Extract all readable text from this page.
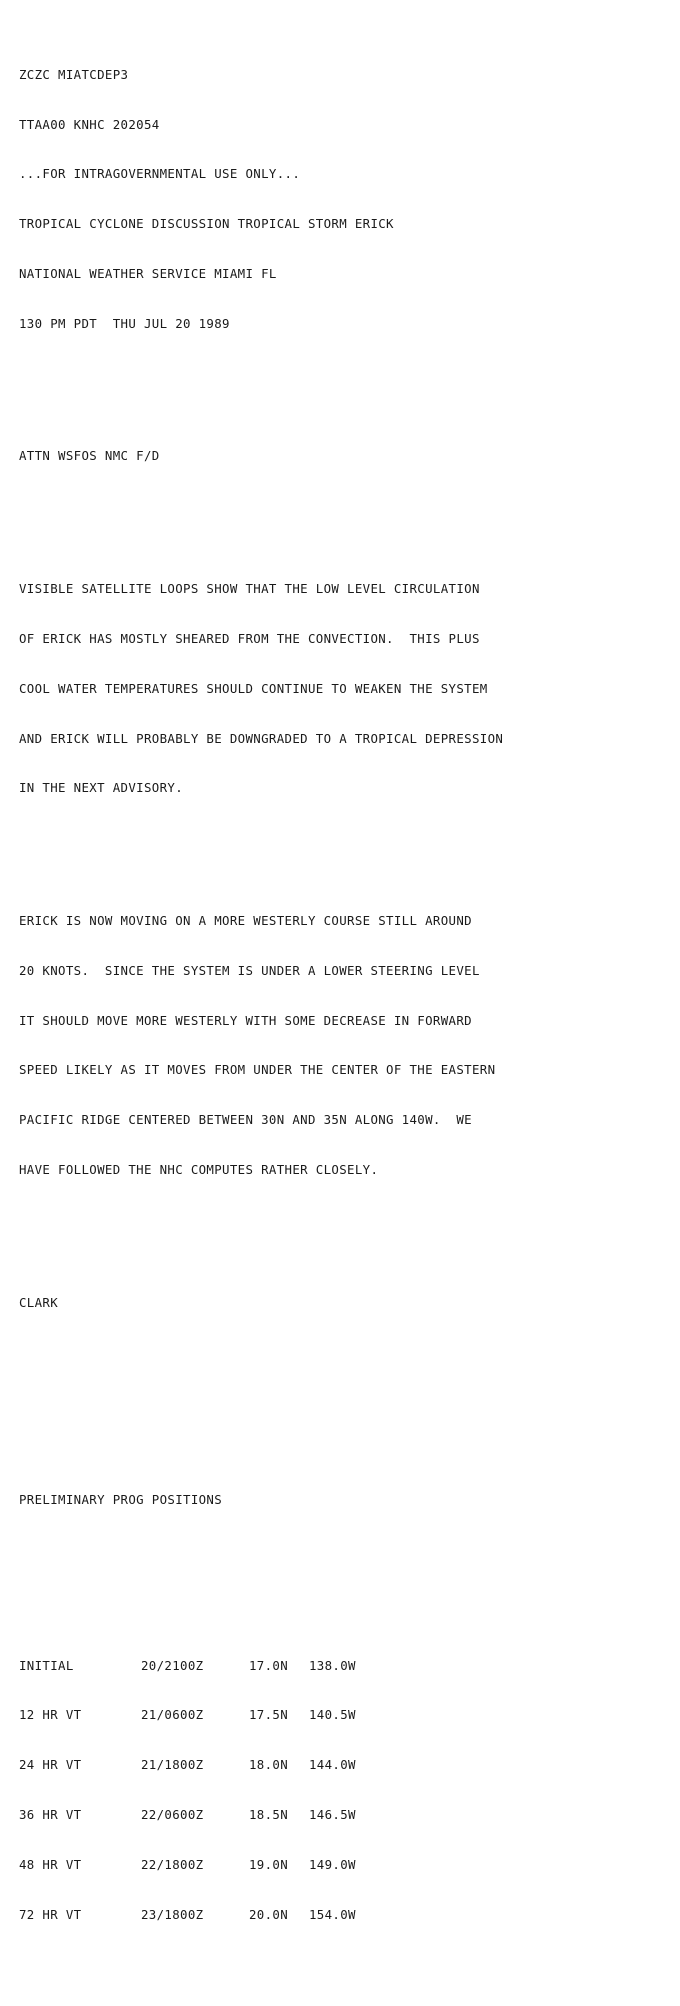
ZCZC MIATCDEP3

TTAA00 KNHC 202054

...FOR INTRAGOVERNMENTAL USE ONLY...

TROPICAL CYCLONE DISCUSSION TROPICAL STORM ERICK

NATIONAL WEATHER SERVICE MIAMI FL

130 PM PDT  THU JUL 20 1989

ATTN WSFOS NMC F/D

VISIBLE SATELLITE LOOPS SHOW THAT THE LOW LEVEL CIRCULATION

OF ERICK HAS MOSTLY SHEARED FROM THE CONVECTION.  THIS PLUS

COOL WATER TEMPERATURES SHOULD CONTINUE TO WEAKEN THE SYSTEM

AND ERICK WILL PROBABLY BE DOWNGRADED TO A TROPICAL DEPRESSION

IN THE NEXT ADVISORY.

ERICK IS NOW MOVING ON A MORE WESTERLY COURSE STILL AROUND

20 KNOTS.  SINCE THE SYSTEM IS UNDER A LOWER STEERING LEVEL

IT SHOULD MOVE MORE WESTERLY WITH SOME DECREASE IN FORWARD

SPEED LIKELY AS IT MOVES FROM UNDER THE CENTER OF THE EASTERN

PACIFIC RIDGE CENTERED BETWEEN 30N AND 35N ALONG 140W.  WE

HAVE FOLLOWED THE NHC COMPUTES RATHER CLOSELY.

CLARK

PRELIMINARY PROG POSITIONS

INITIAL	20/2100Z	17.0N	138.0W

12 HR VT	21/0600Z	17.5N	140.5W

24 HR VT	21/1800Z	18.0N	144.0W

36 HR VT	22/0600Z	18.5N	146.5W

48 HR VT	22/1800Z	19.0N	149.0W

72 HR VT	23/1800Z	20.0N	154.0W
